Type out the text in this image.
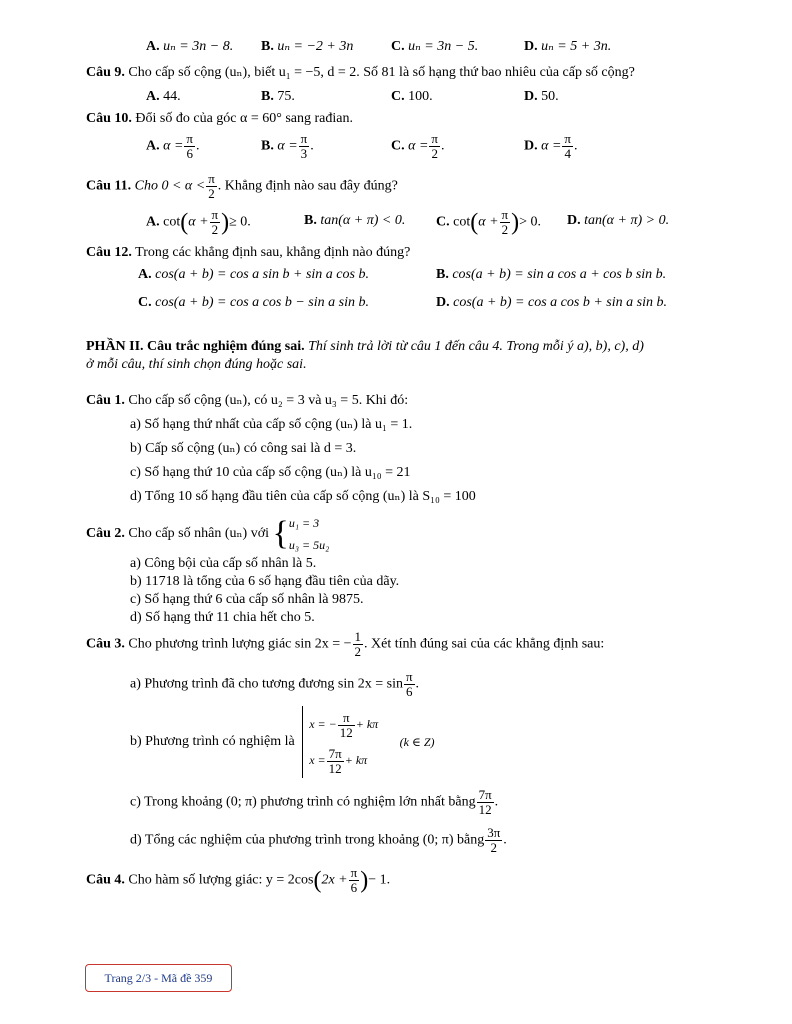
A. uₙ = 3n − 8. B. uₙ = −2 + 3n	C. uₙ = 3n − 5.	D. uₙ = 5 + 3n.
Câu 9. Cho cấp số cộng (uₙ), biết u₁ = −5, d = 2. Số 81 là số hạng thứ bao nhiêu của cấp số cộng?
A. 44.	B. 75.	C. 100.	D. 50.
Câu 10. Đổi số đo của góc α = 60° sang rađian.
A. $\alpha = \frac{\pi}{6}$ .	B. $\alpha = \frac{\pi}{3}$ .	C. $\alpha = \frac{\pi}{2}$ .	D. $\alpha = \frac{\pi}{4}$ .
Câu 11. Cho $0 < \alpha < \frac{\pi}{2}$ . Khẳng định nào sau đây đúng?
A. $\cot(\alpha + \frac{\pi}{2}$ )≥ 0.	B. tan(α + π) < 0. C. $\cot(\alpha + \frac{\pi}{2}$ )> 0. D. tan(α + π) > 0.
Câu 12. Trong các khẳng định sau, khẳng định nào đúng?
A. cos(a + b) = cos a sin b + sin a cos b.	B. cos(a + b) = sin a cos a + cos b sin b.
C. cos(a + b) = cos a cos b − sin a sin b.	D. cos(a + b) = cos a cos b + sin a sin b.
PHẦN II. Câu trắc nghiệm đúng sai. Thí sinh trả lời từ câu 1 đến câu 4. Trong mỗi ý a), b), c), d)
ở mỗi câu, thí sinh chọn đúng hoặc sai.
Câu 1. Cho cấp số cộng (uₙ), có u₂ = 3 và u₃ = 5. Khi đó:
a) Số hạng thứ nhất của cấp số cộng (uₙ) là u₁ = 1.
b) Cấp số cộng (uₙ) có công sai là d = 3.
c) Số hạng thứ 10 của cấp số cộng (uₙ) là u₁₀ = 21
d) Tổng 10 số hạng đầu tiên của cấp số cộng (uₙ) là S₁₀ = 100
Câu 2. Cho cấp số nhân (uₙ) với { u₁ = 3
u₃ = 5u₂
a) Công bội của cấp số nhân là 5.
b) 11718 là tổng của 6 số hạng đầu tiên của dãy.
c) Số hạng thứ 6 của cấp số nhân là 9875.
d) Số hạng thứ 11 chia hết cho 5.
Câu 3. Cho phương trình lượng giác sin 2x = − $\frac{1}{2}$ . Xét tính đúng sai của các khẳng định sau:
a) Phương trình đã cho tương đương $\sin 2x = \sin \frac{\pi}{6}$ .
b) Phương trình có nghiệm là
x = − $\frac{\pi}{12} + k\pi$
$x = \frac{7\pi}{12} + k\pi$
(k ∈ Z)
c) Trong khoảng (0; π) phương trình có nghiệm lớn nhất bằng $\frac{7\pi}{12}$ .
d) Tổng các nghiệm của phương trình trong khoảng (0; π) bằng $\frac{3\pi}{2}$ .
Câu 4. Cho hàm số lượng giác: $y = 2\cos(2x + \frac{\pi}{6}$ )− 1.
Trang 2/3 - Mã đề 359
